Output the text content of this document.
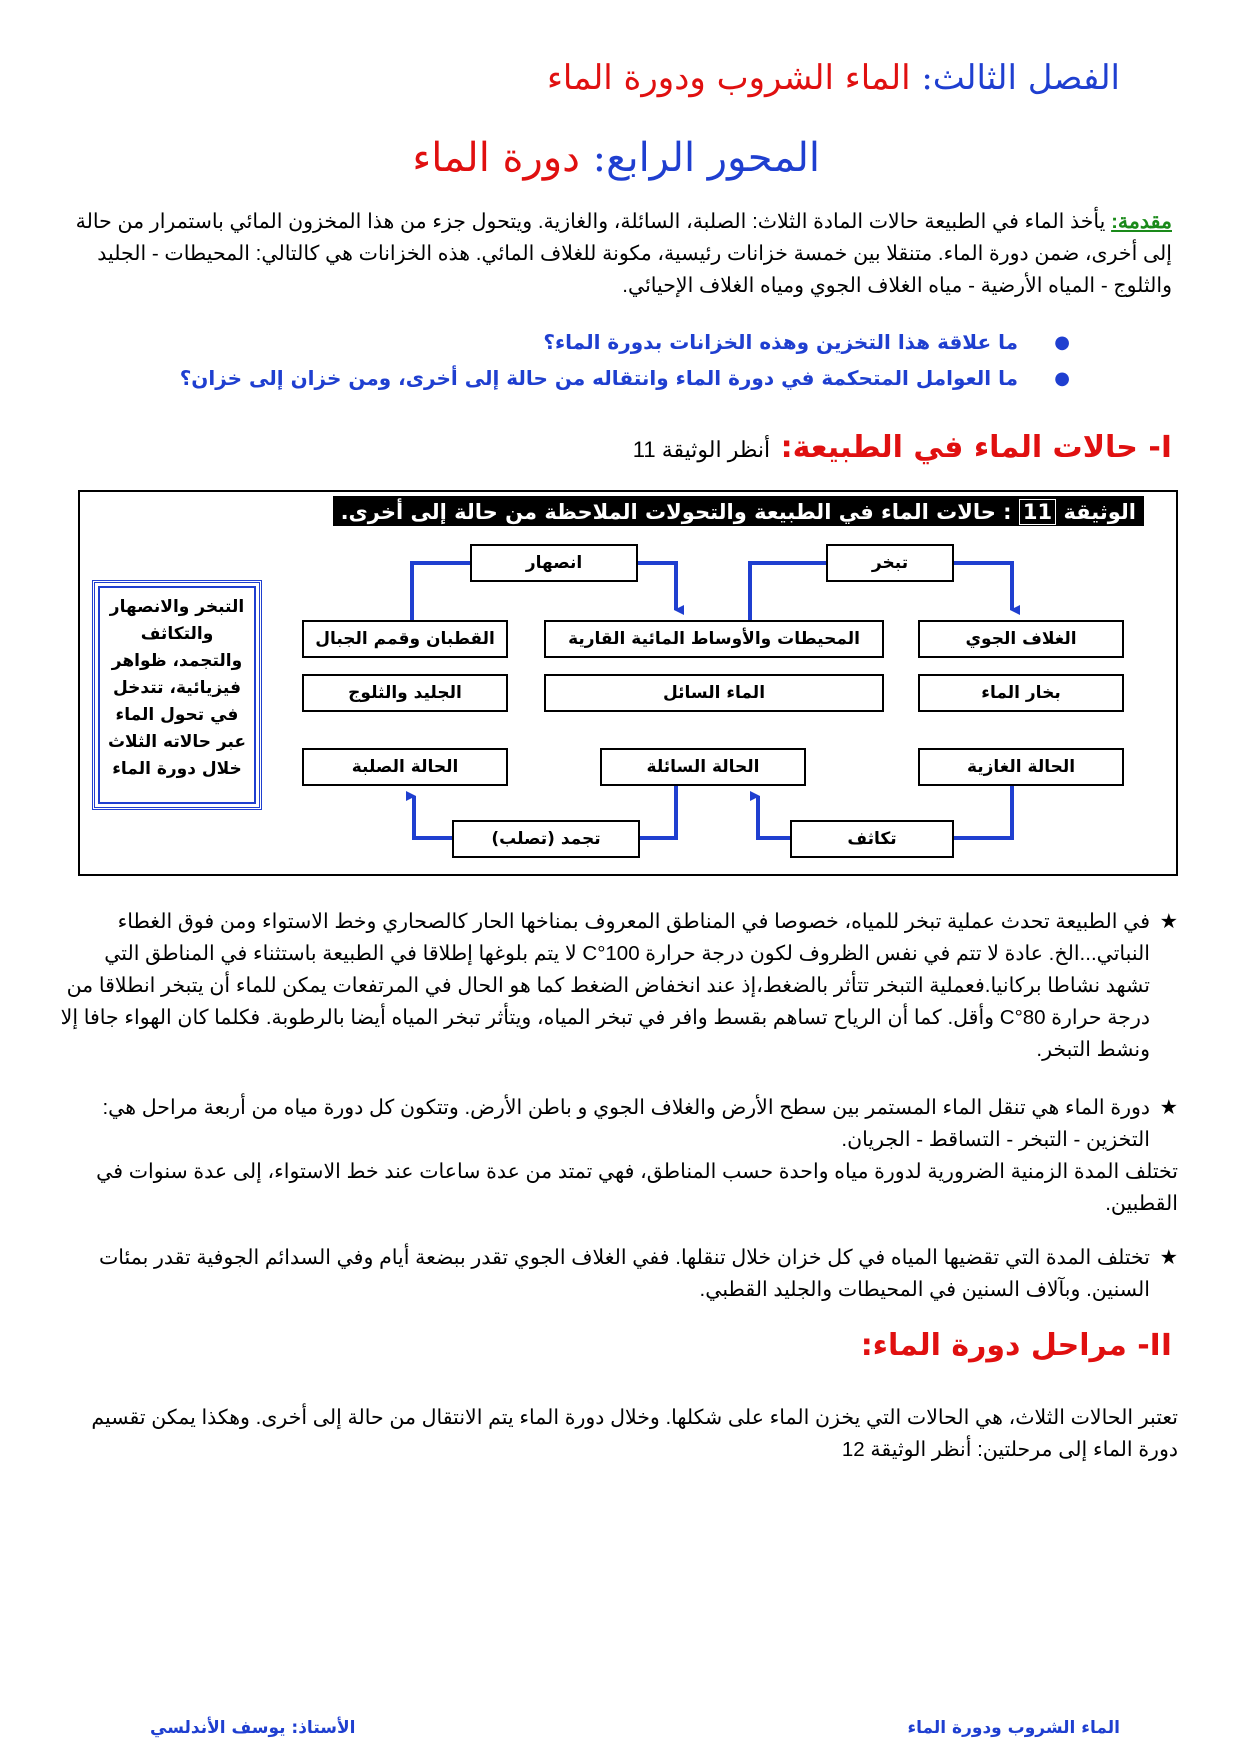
الفصل الثالث: الماء الشروب ودورة الماء
المحور الرابع: دورة الماء
مقدمة: يأخذ الماء في الطبيعة حالات المادة الثلاث: الصلبة، السائلة، والغازية. ويتحول جزء من هذا المخزون المائي باستمرار من حالة إلى أخرى، ضمن دورة الماء. متنقلا بين خمسة خزانات رئيسية، مكونة للغلاف المائي. هذه الخزانات هي كالتالي: المحيطات - الجليد والثلوج - المياه الأرضية - مياه الغلاف الجوي ومياه الغلاف الإحيائي.
●
ما علاقة هذا التخزين وهذه الخزانات بدورة الماء؟
●
ما العوامل المتحكمة في دورة الماء وانتقاله من حالة إلى أخرى، ومن خزان إلى خزان؟
I- حالات الماء في الطبيعة: أنظر الوثيقة 11
الوثيقة 11 : حالات الماء في الطبيعة والتحولات الملاحظة من حالة إلى أخرى.
انصهار	تبخر
القطبان وقمم الجبال	المحيطات والأوساط المائية القارية	الغلاف الجوي
الجليد والثلوج	الماء السائل	بخار الماء
الحالة الصلبة	الحالة السائلة	الحالة الغازية
تجمد (تصلب)	تكاثف
التبخر والانصهار والتكاثف والتجمد، ظواهر فيزيائية، تتدخل في تحول الماء عبر حالاته الثلاث خلال دورة الماء
★
في الطبيعة تحدث عملية تبخر للمياه، خصوصا في المناطق المعروف بمناخها الحار كالصحاري وخط الاستواء ومن فوق الغطاء النباتي...الخ. عادة لا تتم في نفس الظروف لكون درجة حرارة 100°C لا يتم بلوغها إطلاقا في الطبيعة باستثناء في المناطق التي تشهد نشاطا بركانيا.فعملية التبخر تتأثر بالضغط،إذ عند انخفاض الضغط كما هو الحال في المرتفعات يمكن للماء أن يتبخر انطلاقا من درجة حرارة 80°C وأقل. كما أن الرياح تساهم بقسط وافر في تبخر المياه، ويتأثر تبخر المياه أيضا بالرطوبة. فكلما كان الهواء جافا إلا ونشط التبخر.
★
دورة الماء هي تنقل الماء المستمر بين سطح الأرض والغلاف الجوي و باطن الأرض. وتتكون كل دورة مياه من أربعة مراحل هي: التخزين - التبخر - التساقط - الجريان.
تختلف المدة الزمنية الضرورية لدورة مياه واحدة حسب المناطق، فهي تمتد من عدة ساعات عند خط الاستواء، إلى عدة سنوات في القطبين.
★
تختلف المدة التي تقضيها المياه في كل خزان خلال تنقلها. ففي الغلاف الجوي تقدر ببضعة أيام وفي السدائم الجوفية تقدر بمئات السنين. وبآلاف السنين في المحيطات والجليد القطبي.
II- مراحل دورة الماء:
تعتبر الحالات الثلاث، هي الحالات التي يخزن الماء على شكلها. وخلال دورة الماء يتم الانتقال من حالة إلى أخرى. وهكذا يمكن تقسيم دورة الماء إلى مرحلتين: أنظر الوثيقة 12
الماء الشروب ودورة الماء
الأستاذ: يوسف الأندلسي
